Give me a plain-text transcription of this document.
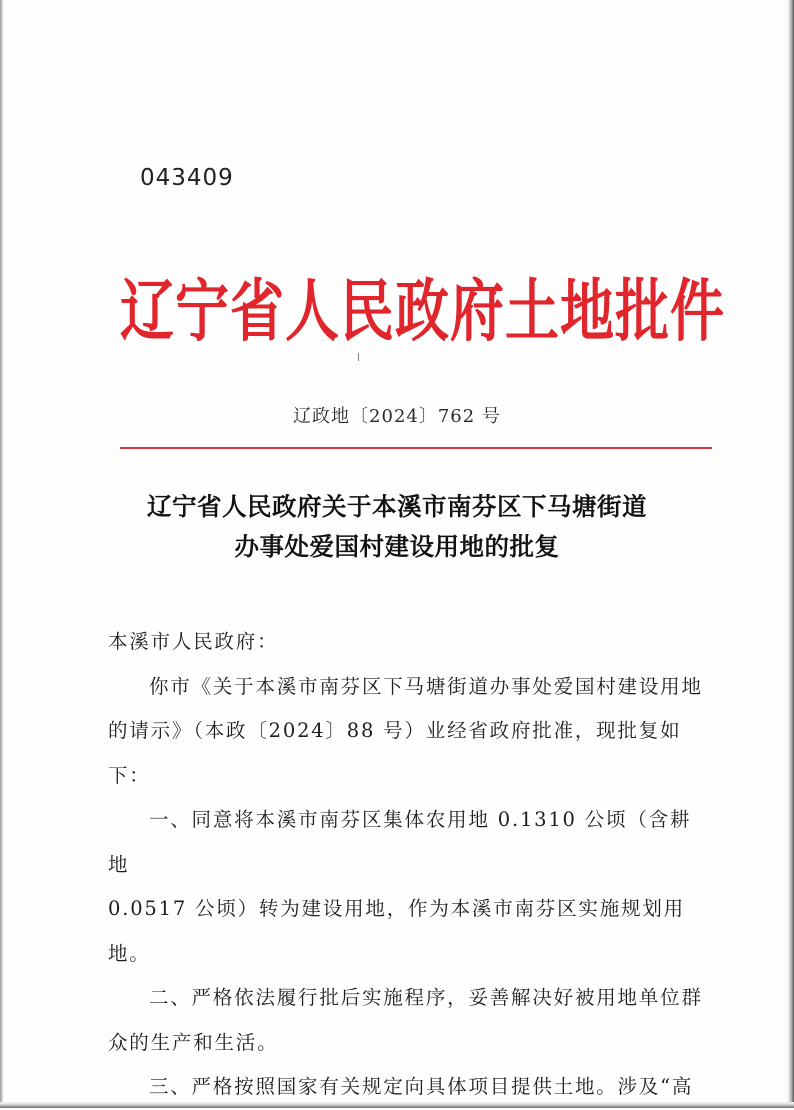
043409
辽宁省人民政府土地批件
辽政地〔2024〕762 号
辽宁省人民政府关于本溪市南芬区下马塘街道
办事处爱国村建设用地的批复

本溪市人民政府：

你市《关于本溪市南芬区下马塘街道办事处爱国村建设用地

的请示》（本政〔2024〕88 号）业经省政府批准，现批复如下：

一、同意将本溪市南芬区集体农用地 0.1310 公顷（含耕地

0.0517 公顷）转为建设用地，作为本溪市南芬区实施规划用地。

二、严格依法履行批后实施程序，妥善解决好被用地单位群

众的生产和生活。

三、严格按照国家有关规定向具体项目提供土地。涉及“高
